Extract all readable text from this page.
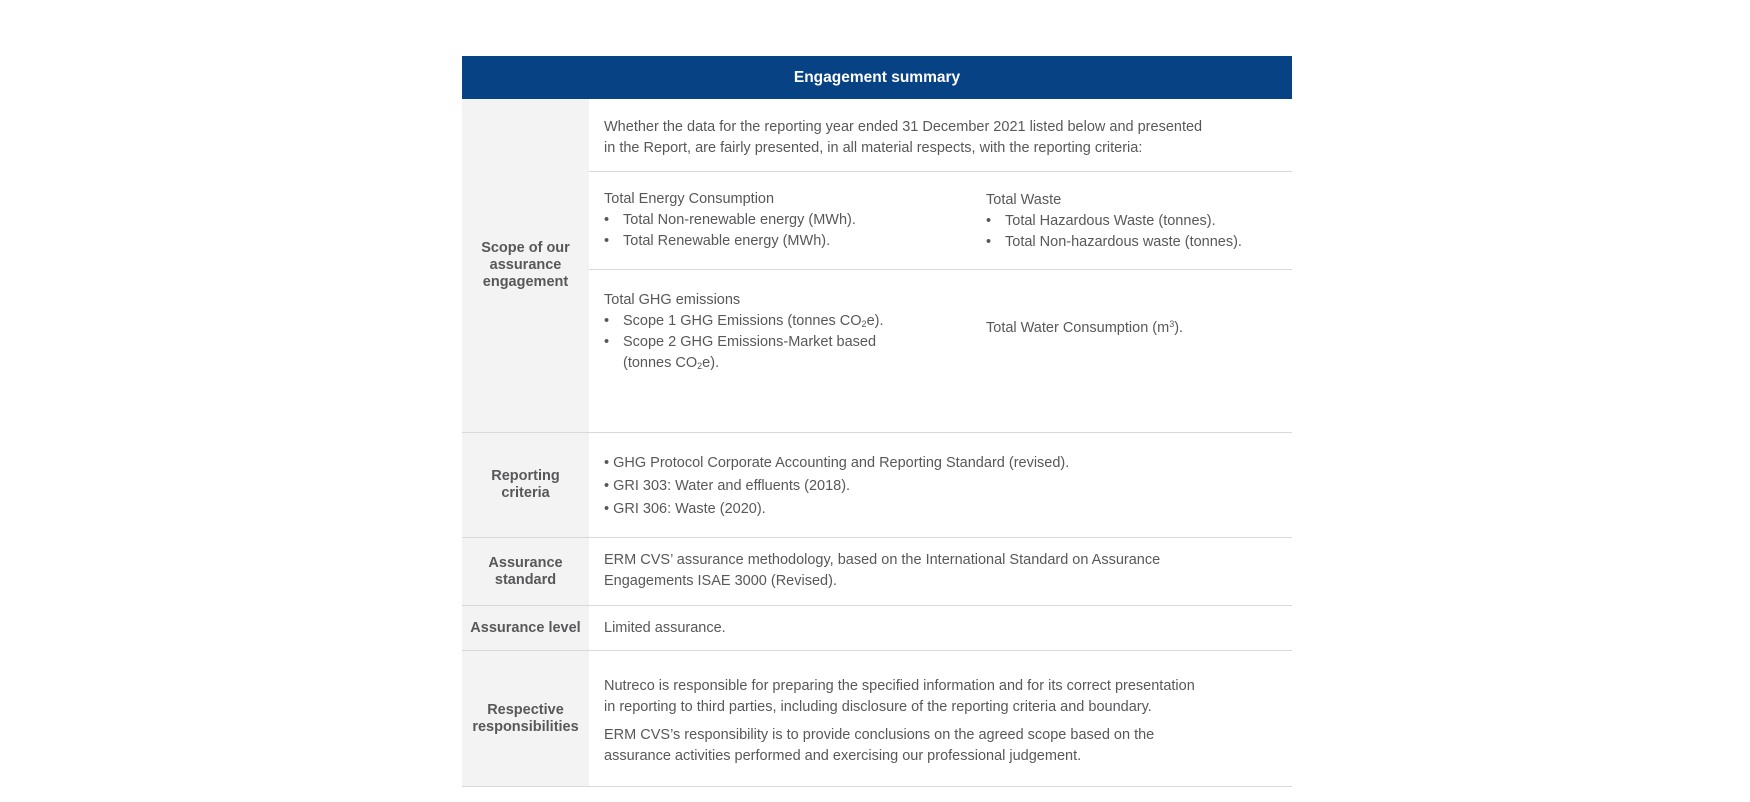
Engagement summary
Scope of our assurance engagement
Whether the data for the reporting year ended 31 December 2021 listed below and presented
in the Report, are fairly presented, in all material respects, with the reporting criteria:
Total Energy Consumption
• Total Non-renewable energy (MWh).
• Total Renewable energy (MWh).
Total Waste
• Total Hazardous Waste (tonnes).
• Total Non-hazardous waste (tonnes).
Total GHG emissions
• Scope 1 GHG Emissions (tonnes $CO_2e$).
• Scope 2 GHG Emissions-Market based
(tonnes $CO_2e$).
Total Water Consumption $(m^3)$.
Reporting criteria
• GHG Protocol Corporate Accounting and Reporting Standard (revised).
• GRI 303: Water and effluents (2018).
• GRI 306: Waste (2020).
Assurance standard
ERM CVS’ assurance methodology, based on the International Standard on Assurance
Engagements ISAE 3000 (Revised).
Assurance level	Limited assurance.
Respective responsibilities

Nutreco is responsible for preparing the specified information and for its correct presentation
in reporting to third parties, including disclosure of the reporting criteria and boundary.

ERM CVS’s responsibility is to provide conclusions on the agreed scope based on the
assurance activities performed and exercising our professional judgement.
